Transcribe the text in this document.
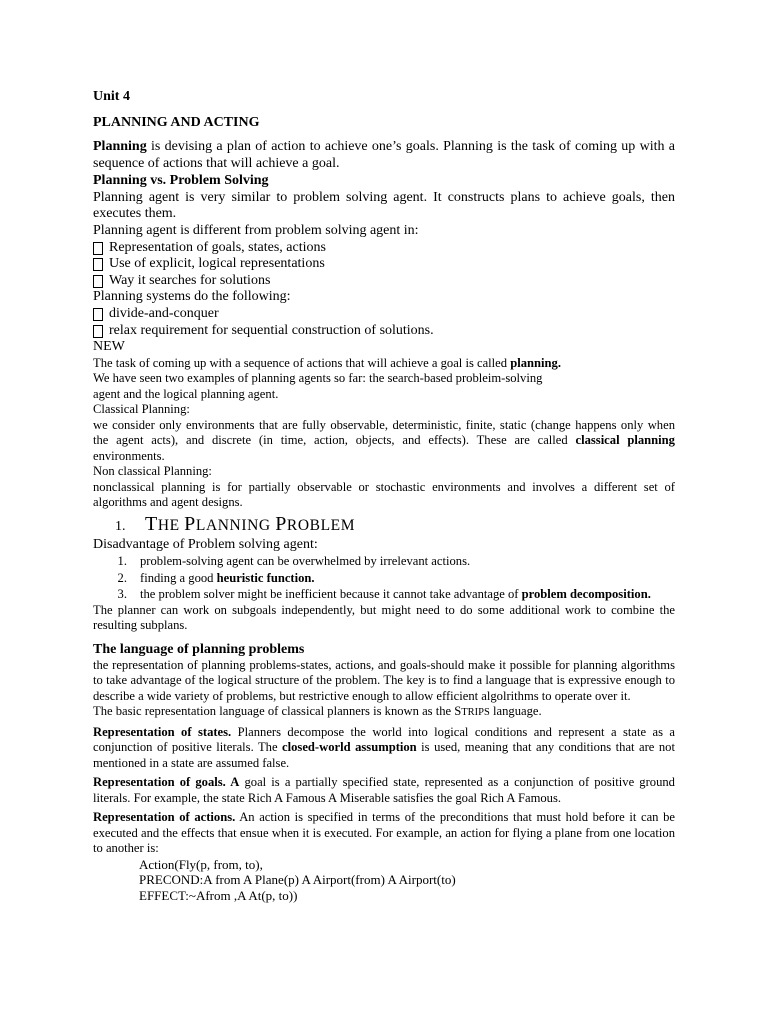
Unit 4

PLANNING AND ACTING

Planning is devising a plan of action to achieve one’s goals. Planning is the task of coming up with a sequence of actions that will achieve a goal.

Planning vs. Problem Solving

Planning agent is very similar to problem solving agent. It constructs plans to achieve goals, then executes them.

Planning agent is different from problem solving agent in:

Representation of goals, states, actions
Use of explicit, logical representations
Way it searches for solutions

Planning systems do the following:

divide-and-conquer
relax requirement for sequential construction of solutions.

NEW

The task of coming up with a sequence of actions that will achieve a goal is called planning.

We have seen two examples of planning agents so far: the search-based probleim-solving

agent and the logical planning agent.

Classical Planning:

we consider only environments that are fully observable, deterministic, finite, static (change happens only when the agent acts), and discrete (in time, action, objects, and effects). These are called classical planning environments.

Non classical Planning:

nonclassical planning is for partially observable or stochastic environments and involves a different set of algorithms and agent designs.

1. THE PLANNING PROBLEM

Disadvantage of Problem solving agent:

1.	problem-solving agent can be overwhelmed by irrelevant actions.
2.	finding a good heuristic function.
3.	the problem solver might be inefficient because it cannot take advantage of problem decomposition.

The planner can work on subgoals independently, but might need to do some additional work to combine the resulting subplans.

The language of planning problems

the representation of planning problems-states, actions, and goals-should make it possible for planning algorithms to take advantage of the logical structure of the problem. The key is to find a language that is expressive enough to describe a wide variety of problems, but restrictive enough to allow efficient algolrithms to operate over it.

The basic representation language of classical planners is known as the STRIPS language.

Representation of states. Planners decompose the world into logical conditions and represent a state as a conjunction of positive literals. The closed-world assumption is used, meaning that any conditions that are not mentioned in a state are assumed false.

Representation of goals. A goal is a partially specified state, represented as a conjunction of positive ground literals. For example, the state Rich A Famous A Miserable satisfies the goal Rich A Famous.

Representation of actions. An action is specified in terms of the preconditions that must hold before it can be executed and the effects that ensue when it is executed. For example, an action for flying a plane from one location to another is:

Action(Fly(p, from, to),

PRECOND:A from A Plane(p) A Airport(from) A Airport(to)

EFFECT:~Afrom ,A At(p, to))
